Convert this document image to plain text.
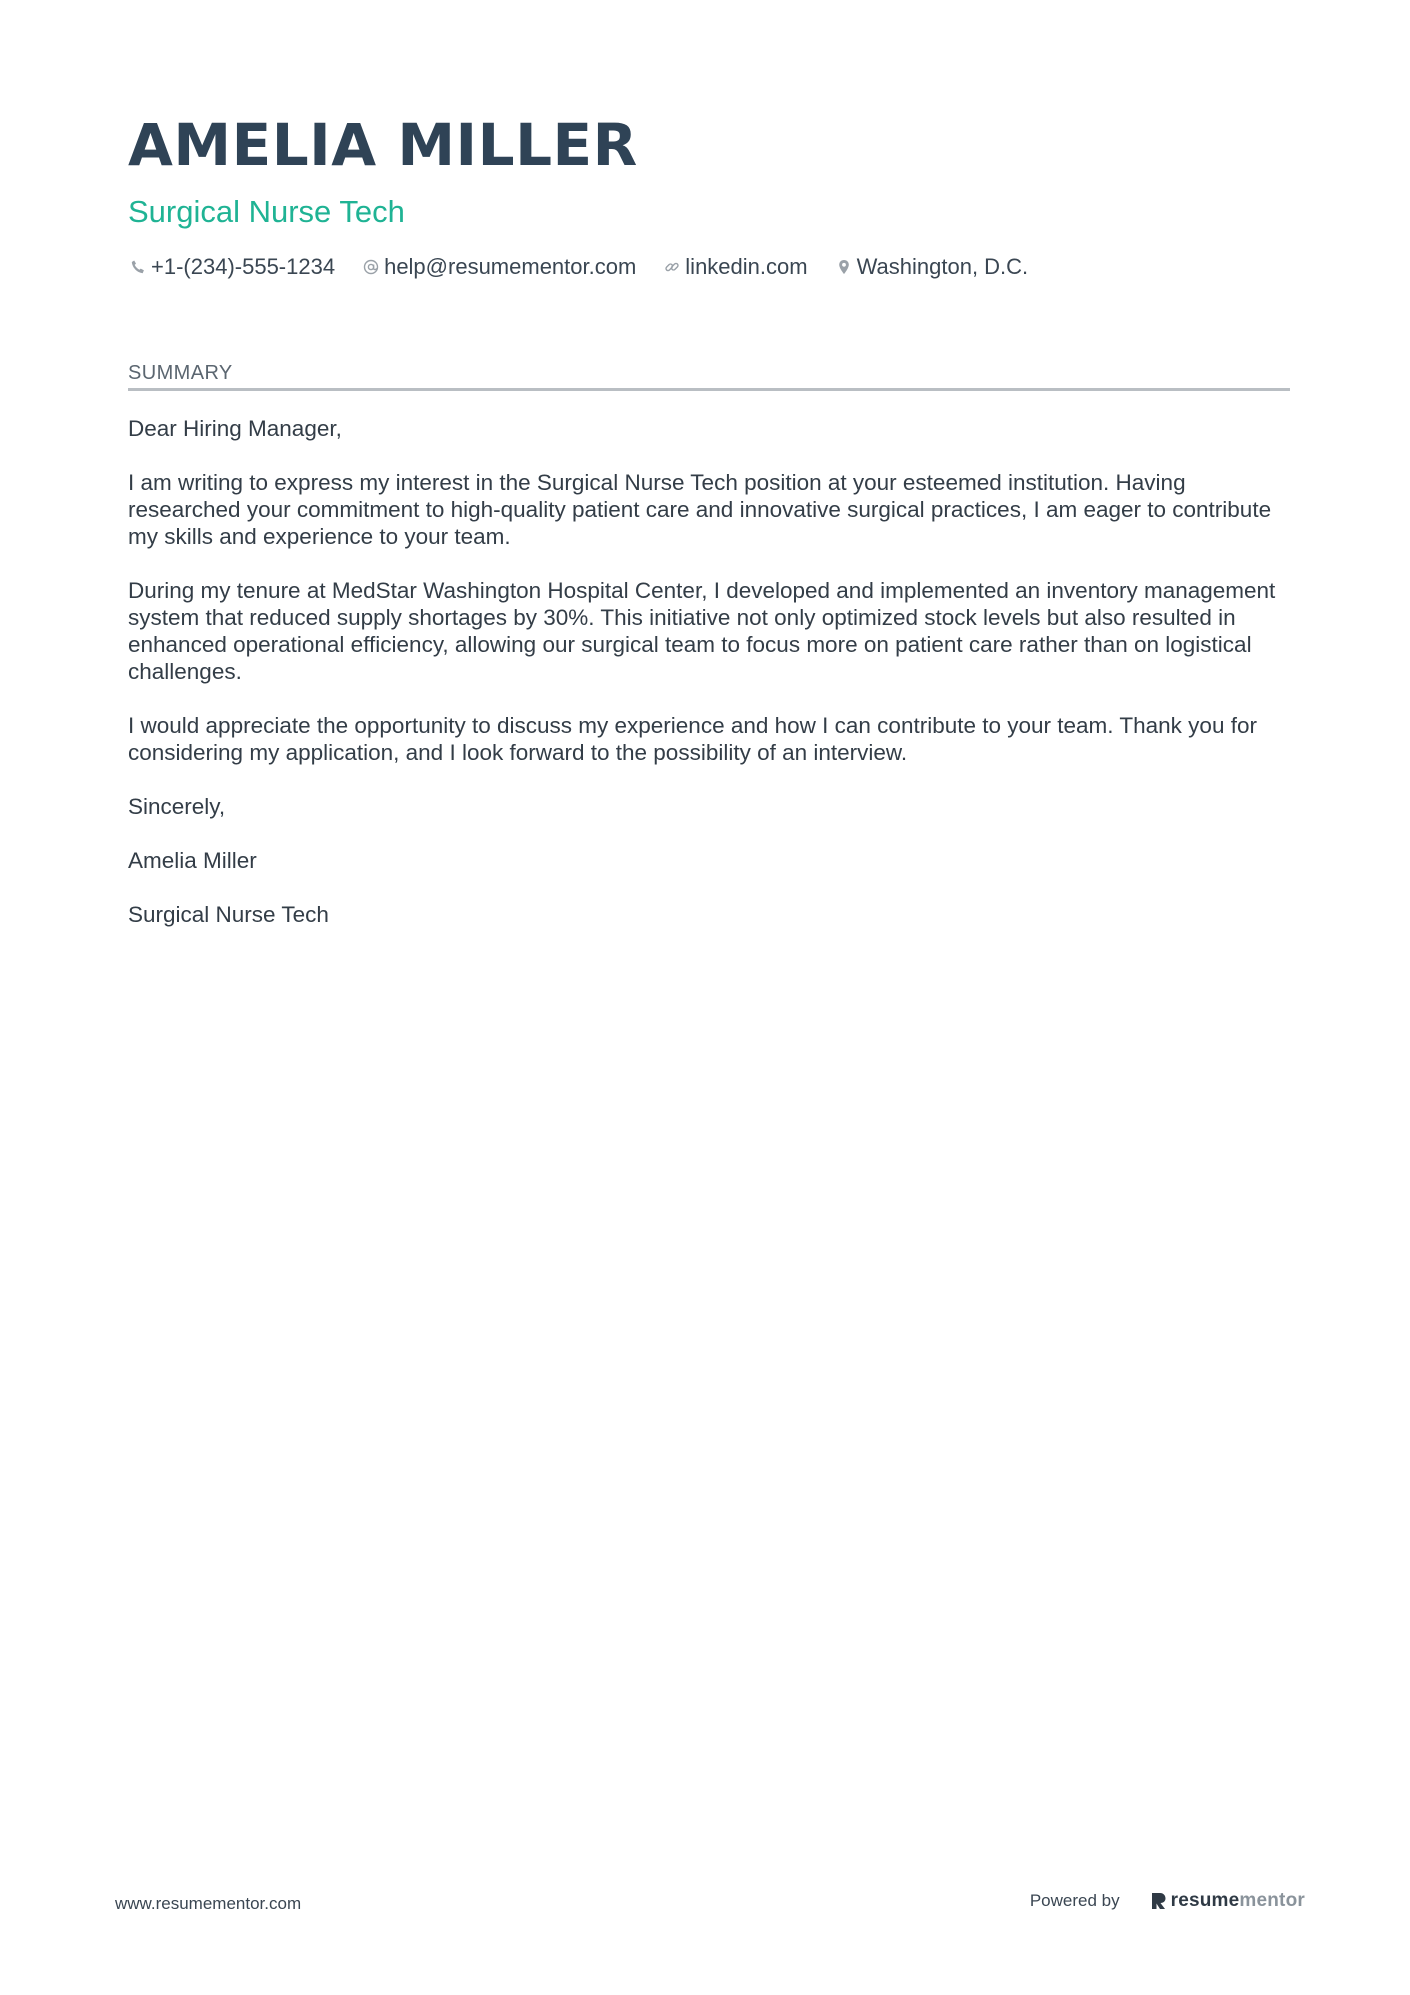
AMELIA MILLER
Surgical Nurse Tech
+1-(234)-555-1234 help@resumementor.com linkedin.com Washington, D.C.
SUMMARY

Dear Hiring Manager,

I am writing to express my interest in the Surgical Nurse Tech position at your esteemed institution. Having researched your commitment to high-quality patient care and innovative surgical practices, I am eager to contribute my skills and experience to your team.

During my tenure at MedStar Washington Hospital Center, I developed and implemented an inventory management system that reduced supply shortages by 30%. This initiative not only optimized stock levels but also resulted in enhanced operational efficiency, allowing our surgical team to focus more on patient care rather than on logistical challenges.

I would appreciate the opportunity to discuss my experience and how I can contribute to your team. Thank you for considering my application, and I look forward to the possibility of an interview.

Sincerely,

Amelia Miller

Surgical Nurse Tech

www.resumementor.com	Powered by	resume mentor
